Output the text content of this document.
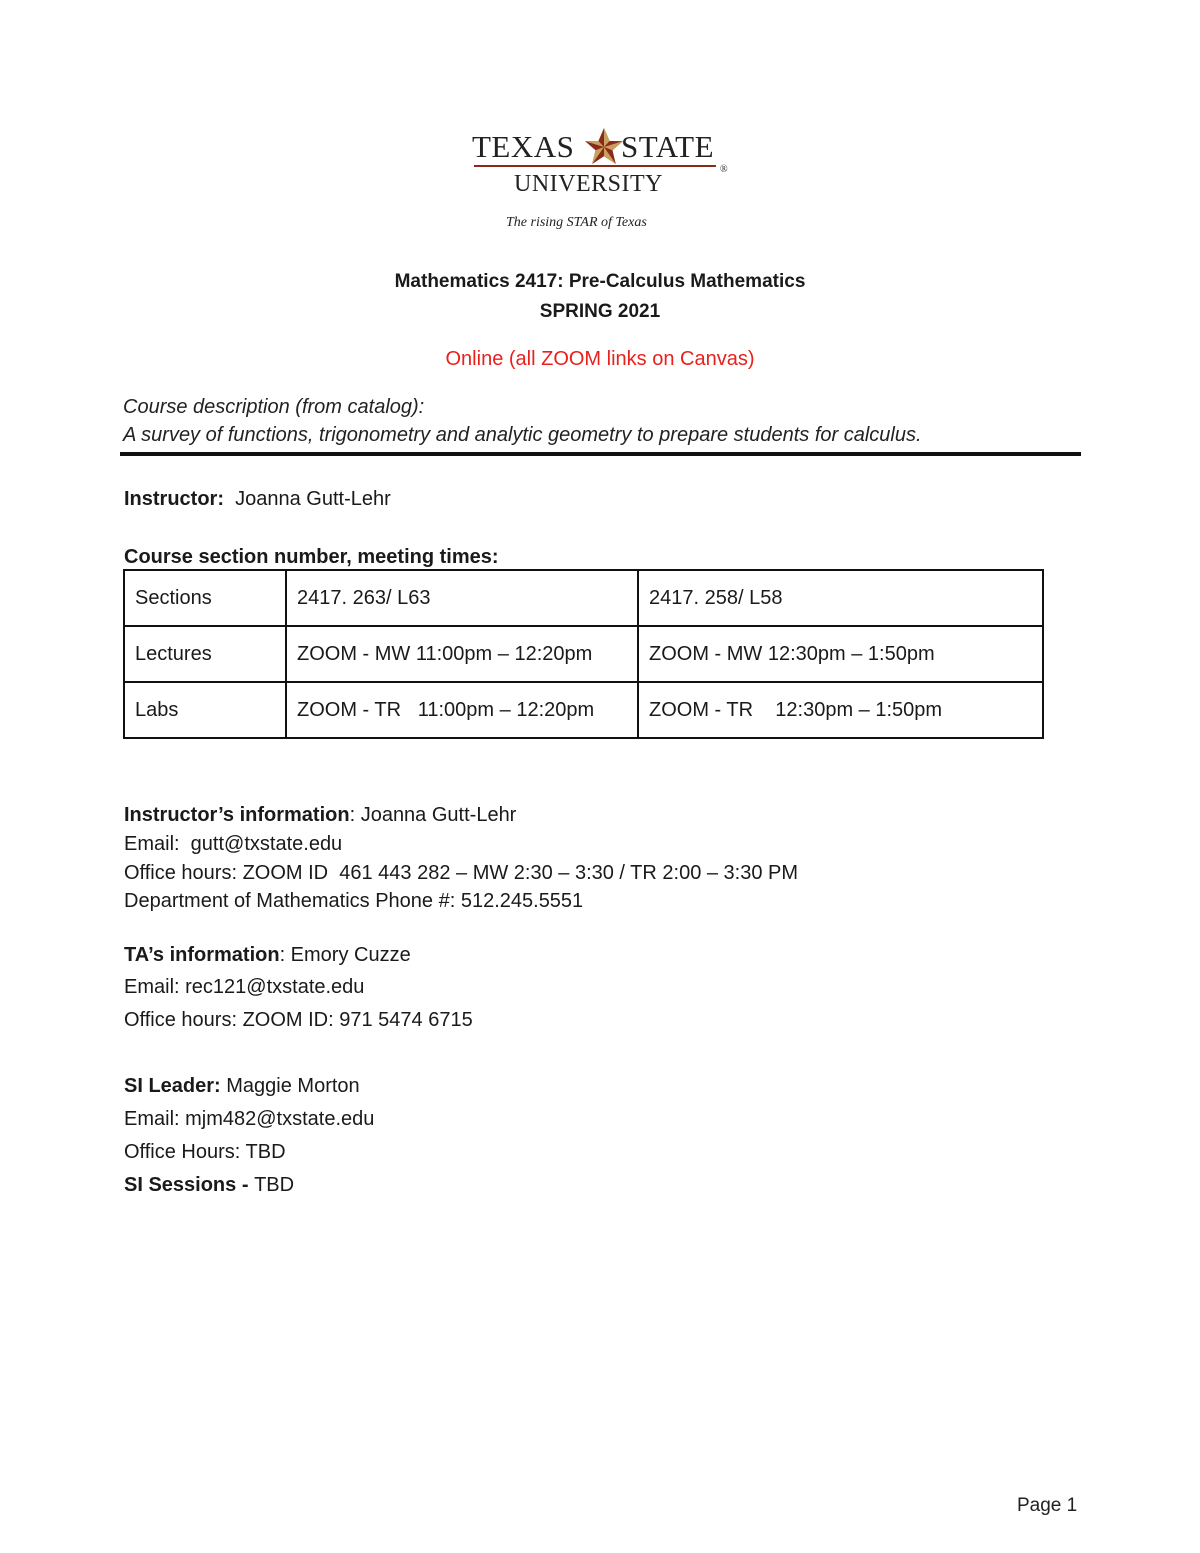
TEXAS STATE
®
UNIVERSITY
The rising STAR of Texas
Mathematics 2417: Pre-Calculus Mathematics
SPRING 2021
Online (all ZOOM links on Canvas)
Course description (from catalog):
A survey of functions, trigonometry and analytic geometry to prepare students for calculus.
Instructor:  Joanna Gutt-Lehr
Course section number, meeting times:
Sections	2417. 263/ L63	2417. 258/ L58
Lectures	ZOOM - MW 11:00pm – 12:20pm	ZOOM - MW 12:30pm – 1:50pm
Labs	ZOOM - TR   11:00pm – 12:20pm	ZOOM - TR    12:30pm – 1:50pm
Instructor’s information: Joanna Gutt-Lehr
Email:  gutt@txstate.edu
Office hours: ZOOM ID  461 443 282 – MW 2:30 – 3:30 / TR 2:00 – 3:30 PM
Department of Mathematics Phone #: 512.245.5551
TA’s information: Emory Cuzze
Email: rec121@txstate.edu
Office hours: ZOOM ID: 971 5474 6715
SI Leader: Maggie Morton
Email: mjm482@txstate.edu
Office Hours: TBD
SI Sessions - TBD
Page 1
